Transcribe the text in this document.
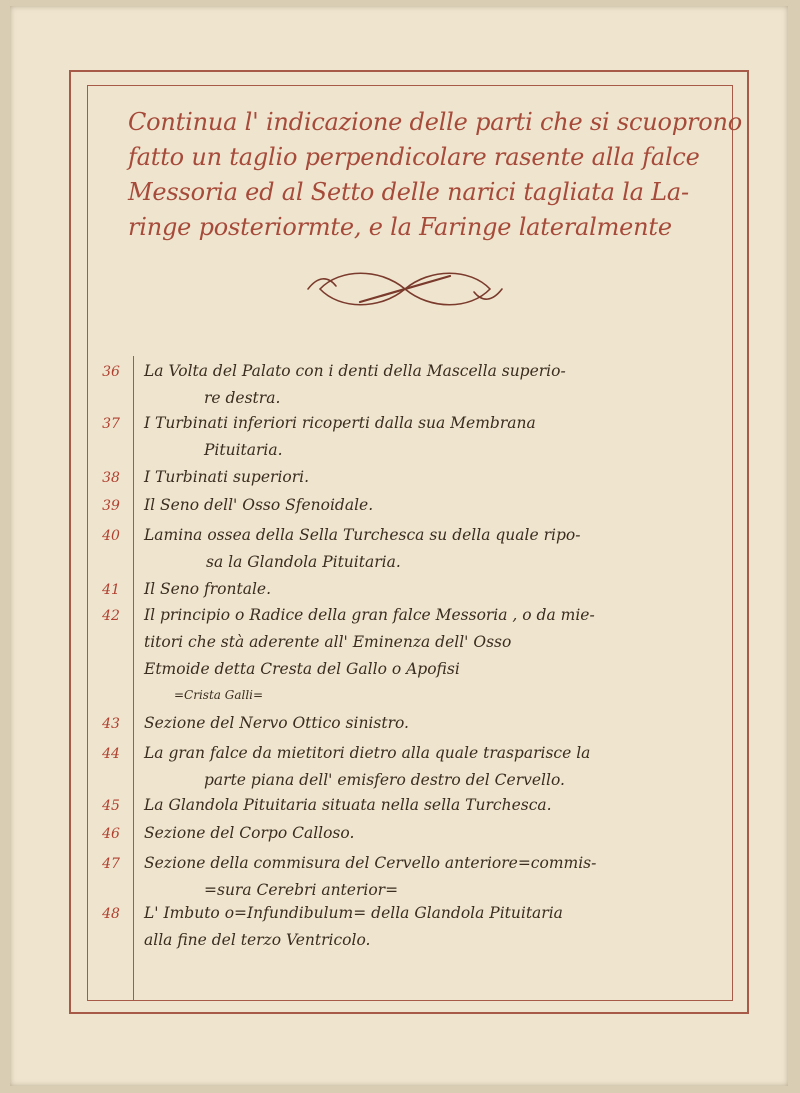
Continua l' indicazione delle parti che si scuoprono
fatto un taglio perpendicolare rasente alla falce
Messoria ed al Setto delle narici tagliata la La-
ringe posteriormte, e la Faringe lateralmente
36	La Volta del Palato con i denti della Mascella superio-
re destra.
37	I Turbinati inferiori ricoperti dalla sua Membrana
Pituitaria.
38	I Turbinati superiori.
39	Il Seno dell' Osso Sfenoidale.
40	Lamina ossea della Sella Turchesca su della quale ripo-
sa la Glandola Pituitaria.
41	Il Seno frontale.
42	Il principio o Radice della gran falce Messoria , o da mie-
titori che stà aderente all' Eminenza dell' Osso
Etmoide detta Cresta del Gallo o Apofisi
=Crista Galli=
43	Sezione del Nervo Ottico sinistro.
44	La gran falce da mietitori dietro alla quale trasparisce la
parte piana dell' emisfero destro del Cervello.
45	La Glandola Pituitaria situata nella sella Turchesca.
46	Sezione del Corpo Calloso.
47	Sezione della commisura del Cervello anteriore=commis-
=sura Cerebri anterior=
48	L' Imbuto o=Infundibulum= della Glandola Pituitaria
alla fine del terzo Ventricolo.
